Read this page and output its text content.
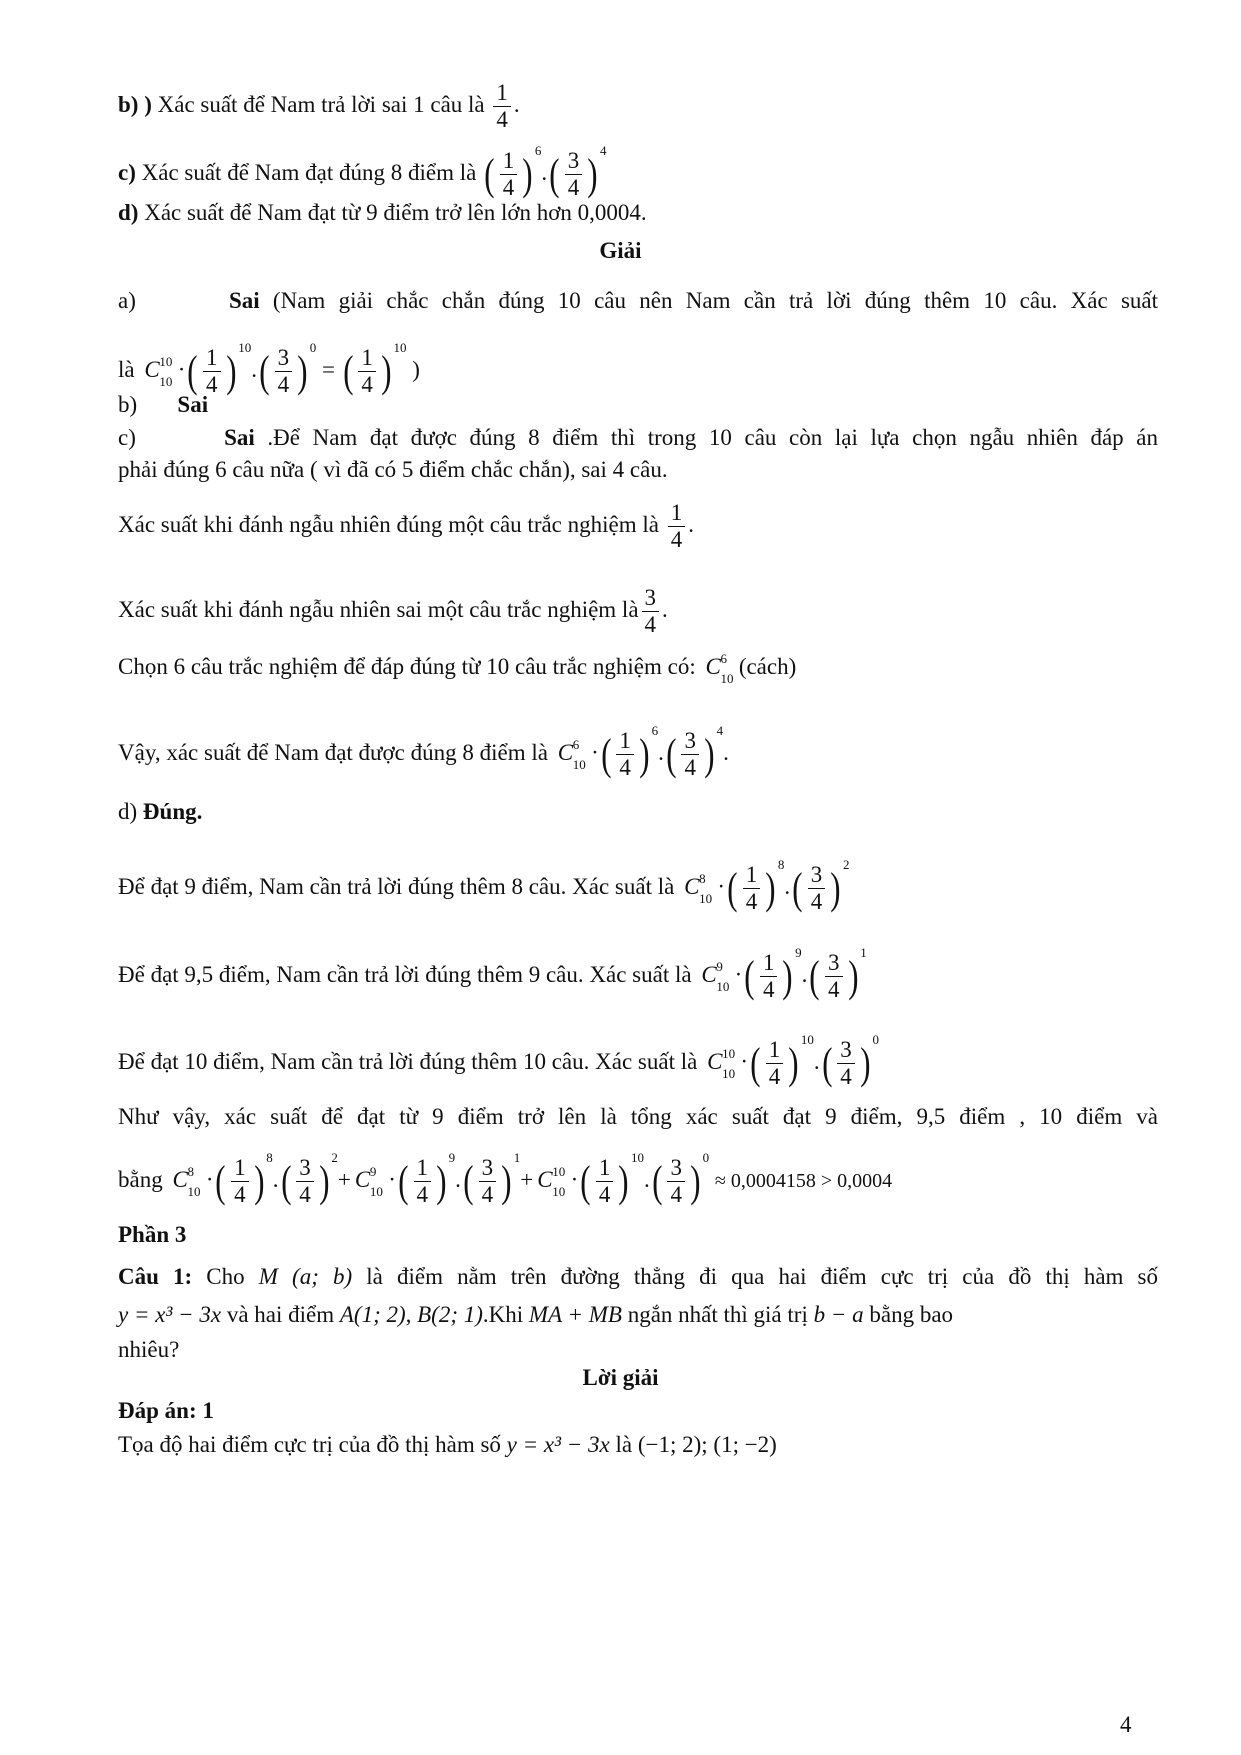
b) ) Xác suất để Nam trả lời sai 1 câu là $\frac{1}{4}$ .
c) Xác suất để Nam đạt đúng 8 điểm là ( $\frac{1}{4}$ ) $6.( \frac{3}{4}$ ) 4
d) Xác suất để Nam đạt từ 9 điểm trở lên lớn hơn 0,0004.
Giải
a)	Sai (Nam giải chắc chắn đúng 10 câu nên Nam cần trả lời đúng thêm 10 câu. Xác suất
là C 10
10 ·( $\frac{1}{4}$ ) $10.( \frac{3}{4}$ ) 0 = ( $\frac{1}{4}$ ) 10 )
b) Sai
c)	Sai .Để Nam đạt được đúng 8 điểm thì trong 10 câu còn lại lựa chọn ngẫu nhiên đáp án
phải đúng 6 câu nữa ( vì đã có 5 điểm chắc chắn), sai 4 câu.
Xác suất khi đánh ngẫu nhiên đúng một câu trắc nghiệm là $\frac{1}{4}$ .
Xác suất khi đánh ngẫu nhiên sai một câu trắc nghiệm là $\frac{3}{4}$ .
Chọn 6 câu trắc nghiệm để đáp đúng từ 10 câu trắc nghiệm có: C 6
10 (cách)
Vậy, xác suất để Nam đạt được đúng 8 điểm là C 6
10 ·( $\frac{1}{4}$ ) $6.( \frac{3}{4}$ ) 4.
d) Đúng.
Để đạt 9 điểm, Nam cần trả lời đúng thêm 8 câu. Xác suất là C 8
10 ·( $\frac{1}{4}$ ) $8.( \frac{3}{4}$ ) 2
Để đạt 9,5 điểm, Nam cần trả lời đúng thêm 9 câu. Xác suất là C 9
10 ·( $\frac{1}{4}$ ) $9.( \frac{3}{4}$ ) 1
Để đạt 10 điểm, Nam cần trả lời đúng thêm 10 câu. Xác suất là C 10
10 ·( $\frac{1}{4}$ ) $10.( \frac{3}{4}$ ) 0
Như vậy, xác suất để đạt từ 9 điểm trở lên là tổng xác suất đạt 9 điểm, 9,5 điểm , 10 điểm và
bằng C 8
10 ·( $\frac{1}{4}$ ) $8.( \frac{3}{4}$ ) 2+ C 9
10 ·( $\frac{1}{4}$ ) $9.( \frac{3}{4}$ ) 1+ C 10
10 ·( $\frac{1}{4}$ ) $10.( \frac{3}{4}$ ) 0 ≈ 0,0004158 > 0,0004
Phần 3
Câu 1: Cho M (a; b) là điểm nằm trên đường thẳng đi qua hai điểm cực trị của đồ thị hàm số
y = x³ − 3x và hai điểm A(1; 2), B(2; 1).Khi MA + MB ngắn nhất thì giá trị b − a bằng bao
nhiêu?
Lời giải
Đáp án: 1
Tọa độ hai điểm cực trị của đồ thị hàm số y = x³ − 3x là (−1; 2); (1; −2)
4
